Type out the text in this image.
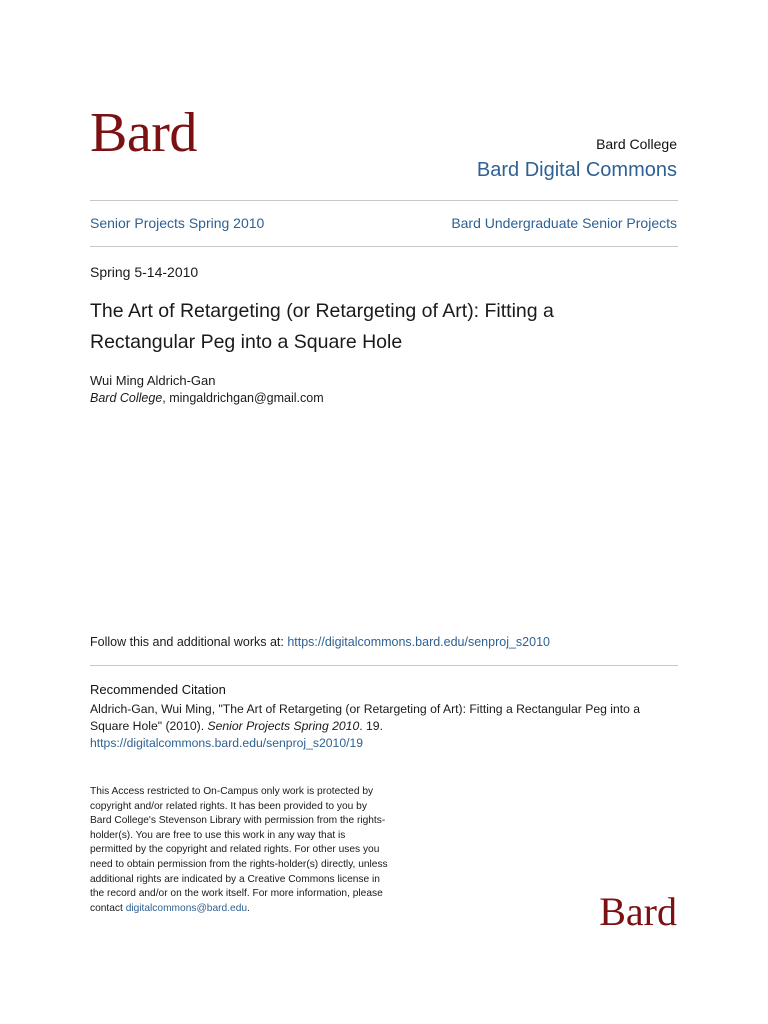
Bard	Bard College
Bard Digital Commons
Senior Projects Spring 2010	Bard Undergraduate Senior Projects
Spring 5-14-2010
The Art of Retargeting (or Retargeting of Art): Fitting a Rectangular Peg into a Square Hole
Wui Ming Aldrich-Gan
Bard College, mingaldrichgan@gmail.com
Follow this and additional works at: https://digitalcommons.bard.edu/senproj_s2010
Recommended Citation
Aldrich-Gan, Wui Ming, "The Art of Retargeting (or Retargeting of Art): Fitting a Rectangular Peg into a Square Hole" (2010). Senior Projects Spring 2010. 19.
https://digitalcommons.bard.edu/senproj_s2010/19
This Access restricted to On-Campus only work is protected by copyright and/or related rights. It has been provided to you by Bard College's Stevenson Library with permission from the rights-holder(s). You are free to use this work in any way that is permitted by the copyright and related rights. For other uses you need to obtain permission from the rights-holder(s) directly, unless additional rights are indicated by a Creative Commons license in the record and/or on the work itself. For more information, please contact digitalcommons@bard.edu.	Bard
